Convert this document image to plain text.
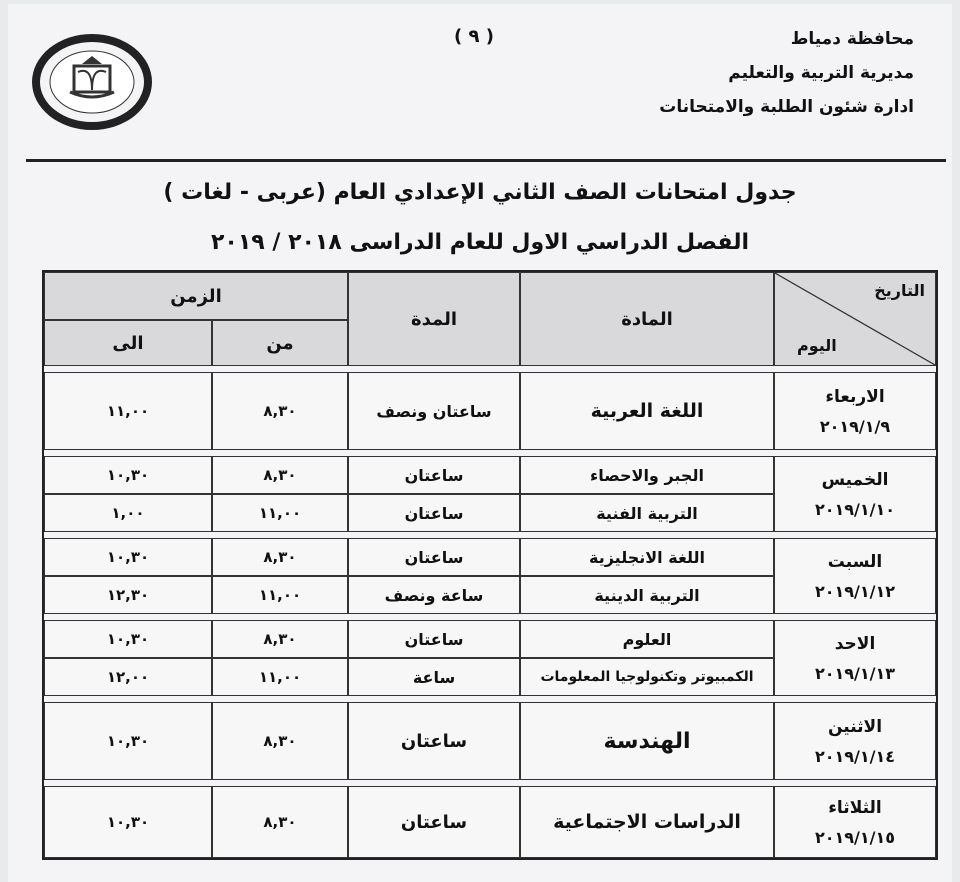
( ٩ )	محافظة دمياط
مديرية التربية والتعليم
ادارة شئون الطلبة والامتحانات
جدول امتحانات الصف الثاني الإعدادي العام (عربى - لغات )
الفصل الدراسي الاول للعام الدراسى ٢٠١٨ / ٢٠١٩
التاريخ
اليوم	المادة	المدة	الزمن	
			من	الى

الاربعاء
٢٠١٩/١/٩	اللغة العربية	ساعتان ونصف	٨,٣٠	١١,٠٠

الخميس
٢٠١٩/١/١٠	الجبر والاحصاء	ساعتان	٨,٣٠	١٠,٣٠
	التربية الفنية	ساعتان	١١,٠٠	١,٠٠

السبت
٢٠١٩/١/١٢	اللغة الانجليزية	ساعتان	٨,٣٠	١٠,٣٠
	التربية الدينية	ساعة ونصف	١١,٠٠	١٢,٣٠

الاحد
٢٠١٩/١/١٣	العلوم	ساعتان	٨,٣٠	١٠,٣٠
	الكمبيوتر وتكنولوجيا المعلومات	ساعة	١١,٠٠	١٢,٠٠

الاثنين
٢٠١٩/١/١٤	الهندسة	ساعتان	٨,٣٠	١٠,٣٠

الثلاثاء
٢٠١٩/١/١٥	الدراسات الاجتماعية	ساعتان	٨,٣٠	١٠,٣٠
